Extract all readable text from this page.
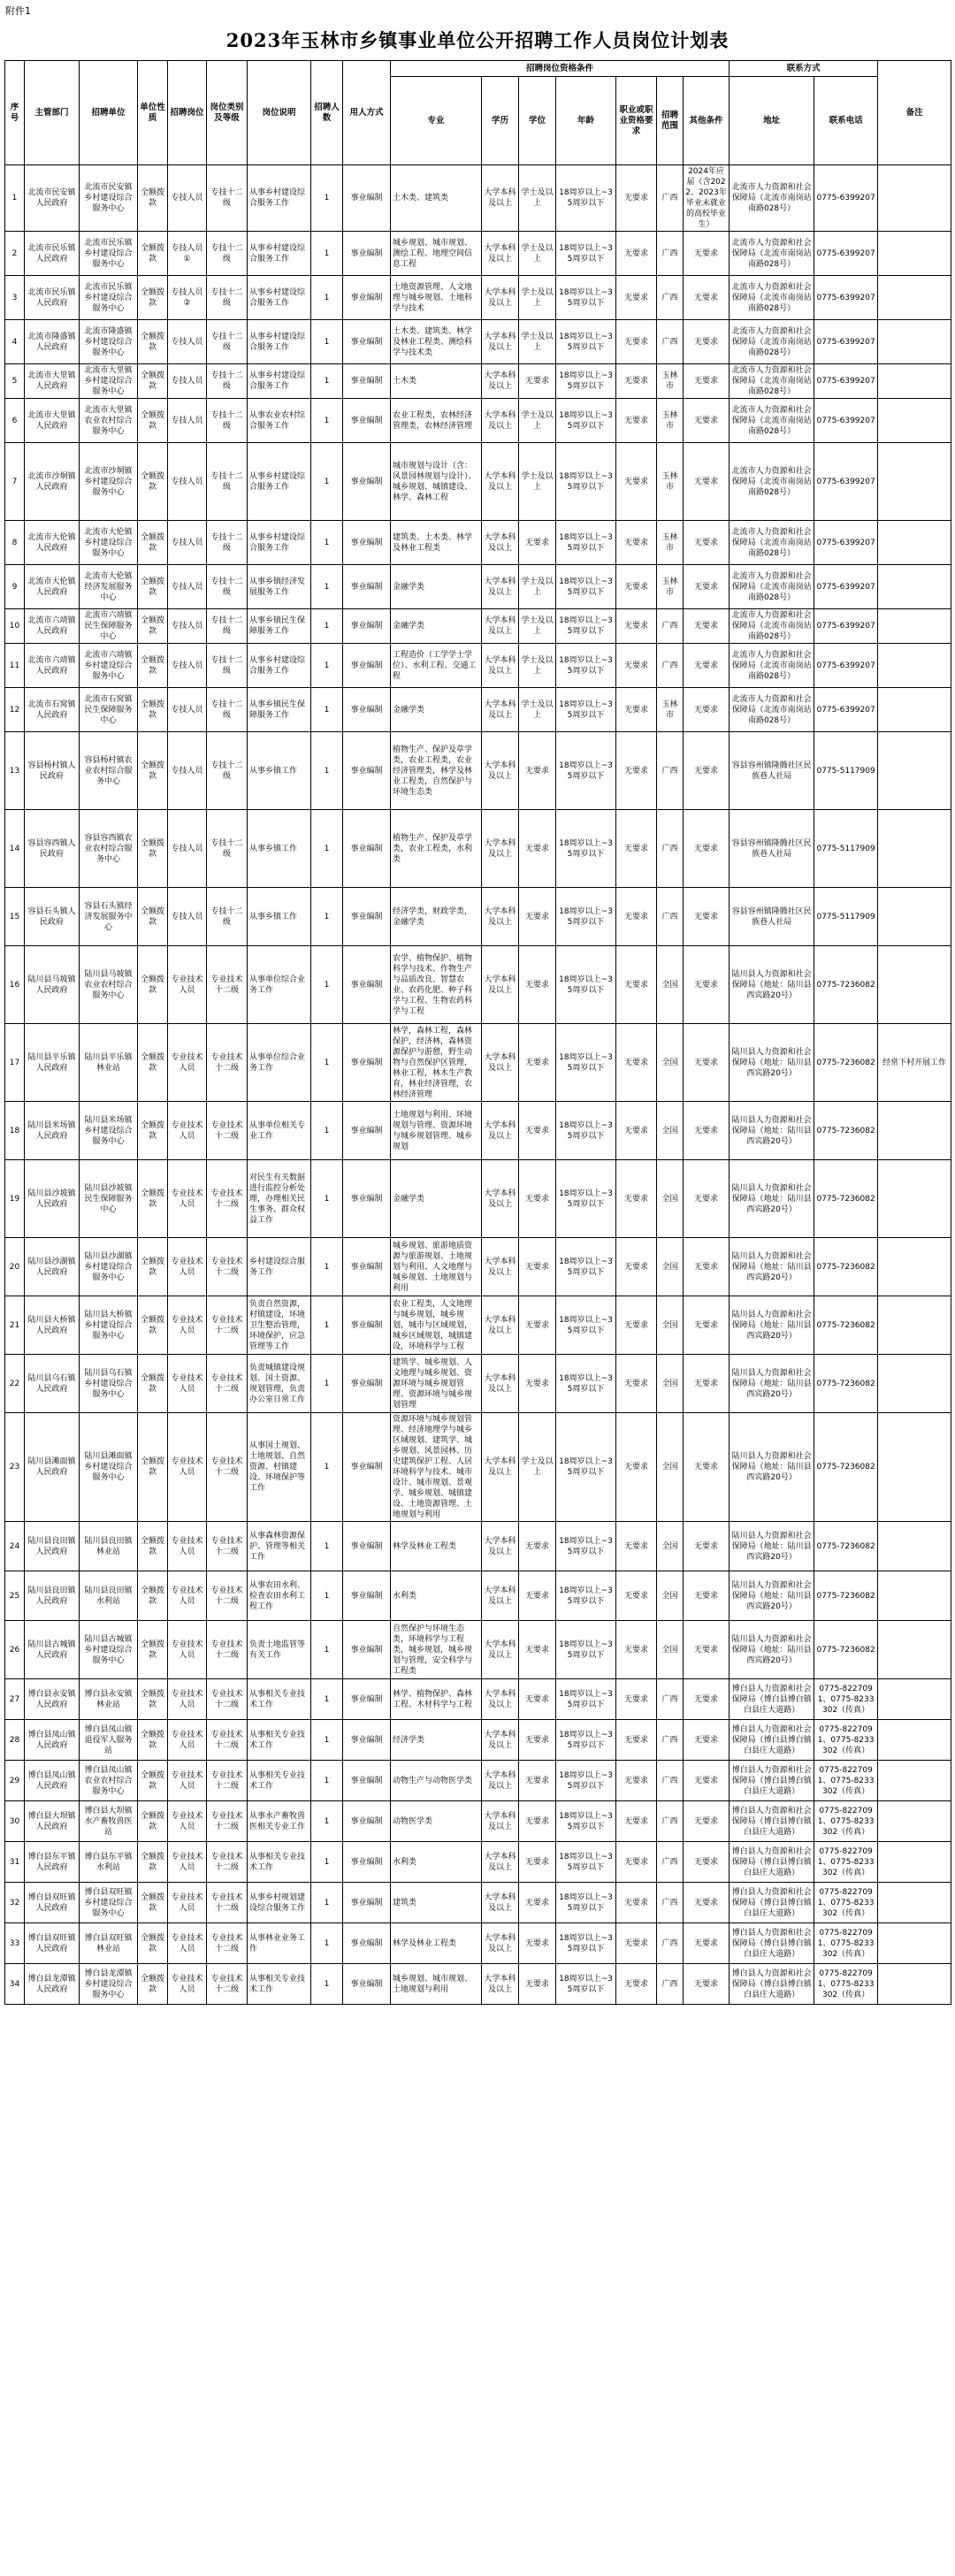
附件1
2023年玉林市乡镇事业单位公开招聘工作人员岗位计划表
序号	主管部门	招聘单位	单位性质	招聘岗位	岗位类别及等级	岗位说明	招聘人数	用人方式	招聘岗位资格条件							联系方式		备注
									专业	学历	学位	年龄	职业或职业资格要求	招聘范围	其他条件	地址	联系电话	
1	北流市民安镇人民政府	北流市民安镇乡村建设综合服务中心	全额拨款	专技人员	专技十二级	从事乡村建设综合服务工作	1	事业编制	土木类、建筑类	大学本科及以上	学士及以上	18周岁以上~35周岁以下	无要求	广西	2024年应届（含2022、2023年毕业未就业的高校毕业生）	北流市人力资源和社会保障局（北流市南岗站南路028号）	0775-6399207	
2	北流市民乐镇人民政府	北流市民乐镇乡村建设综合服务中心	全额拨款	专技人员①	专技十二级	从事乡村建设综合服务工作	1	事业编制	城乡规划、城市规划、测绘工程、地理空间信息工程	大学本科及以上	学士及以上	18周岁以上~35周岁以下	无要求	广西	无要求	北流市人力资源和社会保障局（北流市南岗站南路028号）	0775-6399207	
3	北流市民乐镇人民政府	北流市民乐镇乡村建设综合服务中心	全额拨款	专技人员②	专技十二级	从事乡村建设综合服务工作	1	事业编制	土地资源管理、人文地理与城乡规划、土地科学与技术	大学本科及以上	学士及以上	18周岁以上~35周岁以下	无要求	广西	无要求	北流市人力资源和社会保障局（北流市南岗站南路028号）	0775-6399207	
4	北流市隆盛镇人民政府	北流市隆盛镇乡村建设综合服务中心	全额拨款	专技人员	专技十二级	从事乡村建设综合服务工作	1	事业编制	土木类、建筑类、林学及林业工程类、测绘科学与技术类	大学本科及以上	学士及以上	18周岁以上~35周岁以下	无要求	广西	无要求	北流市人力资源和社会保障局（北流市南岗站南路028号）	0775-6399207	
5	北流市大里镇人民政府	北流市大里镇乡村建设综合服务中心	全额拨款	专技人员	专技十二级	从事乡村建设综合服务工作	1	事业编制	土木类	大学本科及以上	无要求	18周岁以上~35周岁以下	无要求	玉林市	无要求	北流市人力资源和社会保障局（北流市南岗站南路028号）	0775-6399207	
6	北流市大里镇人民政府	北流市大里镇农业农村综合服务中心	全额拨款	专技人员	专技十二级	从事农业农村综合服务工作	1	事业编制	农业工程类，农林经济管理类，农林经济管理	大学本科及以上	学士及以上	18周岁以上~35周岁以下	无要求	玉林市	无要求	北流市人力资源和社会保障局（北流市南岗站南路028号）	0775-6399207	
7	北流市沙垌镇人民政府	北流市沙垌镇乡村建设综合服务中心	全额拨款	专技人员	专技十二级	从事乡村建设综合服务工作	1	事业编制	城市规划与设计（含：风景园林规划与设计）、城乡规划、城镇建设、林学、森林工程	大学本科及以上	学士及以上	18周岁以上~35周岁以下	无要求	玉林市	无要求	北流市人力资源和社会保障局（北流市南岗站南路028号）	0775-6399207	
8	北流市大伦镇人民政府	北流市大伦镇乡村建设综合服务中心	全额拨款	专技人员	专技十二级	从事乡村建设综合服务工作	1	事业编制	建筑类、土木类、林学及林业工程类	大学本科及以上	无要求	18周岁以上~35周岁以下	无要求	玉林市	无要求	北流市人力资源和社会保障局（北流市南岗站南路028号）	0775-6399207	
9	北流市大伦镇人民政府	北流市大伦镇经济发展服务中心	全额拨款	专技人员	专技十二级	从事乡镇经济发展服务工作	1	事业编制	金融学类	大学本科及以上	学士及以上	18周岁以上~35周岁以下	无要求	玉林市	无要求	北流市人力资源和社会保障局（北流市南岗站南路028号）	0775-6399207	
10	北流市六靖镇人民政府	北流市六靖镇民生保障服务中心	全额拨款	专技人员	专技十二级	从事乡镇民生保障服务工作	1	事业编制	金融学类	大学本科及以上	学士及以上	18周岁以上~35周岁以下	无要求	广西	无要求	北流市人力资源和社会保障局（北流市南岗站南路028号）	0775-6399207	
11	北流市六靖镇人民政府	北流市六靖镇乡村建设综合服务中心	全额拨款	专技人员	专技十二级	从事乡村建设综合服务工作	1	事业编制	工程造价（工学学士学位）、水利工程、交通工程	大学本科及以上	学士及以上	18周岁以上~35周岁以下	无要求	广西	无要求	北流市人力资源和社会保障局（北流市南岗站南路028号）	0775-6399207	
12	北流市石窝镇人民政府	北流市石窝镇民生保障服务中心	全额拨款	专技人员	专技十二级	从事乡镇民生保障服务工作	1	事业编制	金融学类	大学本科及以上	学士及以上	18周岁以上~35周岁以下	无要求	玉林市	无要求	北流市人力资源和社会保障局（北流市南岗站南路028号）	0775-6399207	
13	容县杨村镇人民政府	容县杨村镇农业农村综合服务中心	全额拨款	专技人员	专技十二级	从事乡镇工作	1	事业编制	植物生产、保护及草学类，农业工程类，农业经济管理类，林学及林业工程类，自然保护与环境生态类	大学本科及以上	无要求	18周岁以上~35周岁以下	无要求	广西	无要求	容县容州镇隆腾社区民族巷人社局	0775-5117909	
14	容县容西镇人民政府	容县容西镇农业农村综合服务中心	全额拨款	专技人员	专技十二级	从事乡镇工作	1	事业编制	植物生产、保护及草学类，农业工程类，水利类	大学本科及以上	无要求	18周岁以上~35周岁以下	无要求	广西	无要求	容县容州镇隆腾社区民族巷人社局	0775-5117909	
15	容县石头镇人民政府	容县石头镇经济发展服务中心	全额拨款	专技人员	专技十二级	从事乡镇工作	1	事业编制	经济学类，财政学类，金融学类	大学本科及以上	无要求	18周岁以上~35周岁以下	无要求	广西	无要求	容县容州镇隆腾社区民族巷人社局	0775-5117909	
16	陆川县马坡镇人民政府	陆川县马坡镇农业农村综合服务中心	全额拨款	专业技术人员	专业技术十二级	从事单位综合业务工作	1	事业编制	农学、植物保护、植物科学与技术、作物生产与品质改良、智慧农业、农药化肥、种子科学与工程、生物农药科学与工程	大学本科及以上	无要求	18周岁以上~35周岁以下	无要求	全国	无要求	陆川县人力资源和社会保障局（地址：陆川县西宾路20号）	0775-7236082	
17	陆川县平乐镇人民政府	陆川县平乐镇林业站	全额拨款	专业技术人员	专业技术十二级	从事单位综合业务工作	1	事业编制	林学，森林工程，森林保护，经济林，森林资源保护与游憩，野生动物与自然保护区管理，林业工程，林木生产教育，林业经济管理，农林经济管理	大学本科及以上	无要求	18周岁以上~35周岁以下	无要求	全国	无要求	陆川县人力资源和社会保障局（地址：陆川县西宾路20号）	0775-7236082	经常下村开展工作
18	陆川县米场镇人民政府	陆川县米场镇乡村建设综合服务中心	全额拨款	专业技术人员	专业技术十二级	从事单位相关专业工作	1	事业编制	土地规划与利用、环境规划与管理、资源环境与城乡规划管理、城乡规划	大学本科及以上	无要求	18周岁以上~35周岁以下	无要求	全国	无要求	陆川县人力资源和社会保障局（地址：陆川县西宾路20号）	0775-7236082	
19	陆川县沙坡镇人民政府	陆川县沙坡镇民生保障服务中心	全额拨款	专业技术人员	专业技术十二级	对民生有关数据进行监控分析处理，办理相关民生事务、群众权益工作	1	事业编制	金融学类	大学本科及以上	无要求	18周岁以上~35周岁以下	无要求	全国	无要求	陆川县人力资源和社会保障局（地址：陆川县西宾路20号）	0775-7236082	
20	陆川县沙湖镇人民政府	陆川县沙湖镇乡村建设综合服务中心	全额拨款	专业技术人员	专业技术十二级	乡村建设综合服务工作	1	事业编制	城乡规划、旅游地质资源与旅游规划、土地规划与利用、人文地理与城乡规划、土地规划与利用	大学本科及以上	无要求	18周岁以上~35周岁以下	无要求	全国	无要求	陆川县人力资源和社会保障局（地址：陆川县西宾路20号）	0775-7236082	
21	陆川县大桥镇人民政府	陆川县大桥镇乡村建设综合服务中心	全额拨款	专业技术人员	专业技术十二级	负责自然资源，村镇建设，环境卫生整治管理，环境保护，应急管理等工作	1	事业编制	农业工程类，人文地理与城乡规划，城乡规划，城市与区域规划，城乡区域规划，城镇建设，环境科学与工程	大学本科及以上	无要求	18周岁以上~35周岁以下	无要求	全国	无要求	陆川县人力资源和社会保障局（地址：陆川县西宾路20号）	0775-7236082	
22	陆川县乌石镇人民政府	陆川县乌石镇乡村建设综合服务中心	全额拨款	专业技术人员	专业技术十二级	负责城镇建设规划、国土资源、规划管理，负责办公室日常工作	1	事业编制	建筑学、城乡规划、人文地理与城乡规划、资源环境与城乡规划管理、资源环境与城乡规划管理	大学本科及以上	无要求	18周岁以上~35周岁以下	无要求	全国	无要求	陆川县人力资源和社会保障局（地址：陆川县西宾路20号）	0775-7236082	
23	陆川县滩面镇人民政府	陆川县滩面镇乡村建设综合服务中心	全额拨款	专业技术人员	专业技术十二级	从事国土规划、土地规划、自然资源、村镇建设、环境保护等工作	1	事业编制	资源环境与城乡规划管理、经济地理学与城乡区域规划、建筑学、城乡规划、风景园林、历史建筑保护工程、人居环境科学与技术、城市设计、城市规划、景观学、城乡规划、城镇建设、土地资源管理、土地规划与利用	大学本科及以上	学士及以上	18周岁以上~35周岁以下	无要求	全国	无要求	陆川县人力资源和社会保障局（地址：陆川县西宾路20号）	0775-7236082	
24	陆川县良田镇人民政府	陆川县良田镇林业站	全额拨款	专业技术人员	专业技术十二级	从事森林资源保护、管理等相关工作	1	事业编制	林学及林业工程类	大学本科及以上	无要求	18周岁以上~35周岁以下	无要求	全国	无要求	陆川县人力资源和社会保障局（地址：陆川县西宾路20号）	0775-7236082	
25	陆川县良田镇人民政府	陆川县良田镇水利站	全额拨款	专业技术人员	专业技术十二级	从事农田水利、检查农田水利工程工作	1	事业编制	水利类	大学本科及以上	无要求	18周岁以上~35周岁以下	无要求	全国	无要求	陆川县人力资源和社会保障局（地址：陆川县西宾路20号）	0775-7236082	
26	陆川县古城镇人民政府	陆川县古城镇乡村建设综合服务中心	全额拨款	专业技术人员	专业技术十二级	负责土地监管等有关工作	1	事业编制	自然保护与环境生态类，环境科学与工程类，城乡规划，城乡规划与管理，安全科学与工程类	大学本科及以上	无要求	18周岁以上~35周岁以下	无要求	全国	无要求	陆川县人力资源和社会保障局（地址：陆川县西宾路20号）	0775-7236082	
27	博白县永安镇人民政府	博白县永安镇林业站	全额拨款	专业技术人员	专业技术十二级	从事相关专业技术工作	1	事业编制	林学、植物保护、森林工程、木材科学与工程	大学本科及以上	无要求	18周岁以上~35周岁以下	无要求	广西	无要求	博白县人力资源和社会保障局（博白县博白镇白县庄大道路）	0775-8227091、0775-8233302（传真）	
28	博白县凤山镇人民政府	博白县凤山镇退役军人服务站	全额拨款	专业技术人员	专业技术十二级	从事相关专业技术工作	1	事业编制	经济学类	大学本科及以上	无要求	18周岁以上~35周岁以下	无要求	广西	无要求	博白县人力资源和社会保障局（博白县博白镇白县庄大道路）	0775-8227091、0775-8233302（传真）	
29	博白县凤山镇人民政府	博白县凤山镇农业农村综合服务中心	全额拨款	专业技术人员	专业技术十二级	从事相关专业技术工作	1	事业编制	动物生产与动物医学类	大学本科及以上	无要求	18周岁以上~35周岁以下	无要求	广西	无要求	博白县人力资源和社会保障局（博白县博白镇白县庄大道路）	0775-8227091、0775-8233302（传真）	
30	博白县大坝镇人民政府	博白县大坝镇水产畜牧兽医站	全额拨款	专业技术人员	专业技术十二级	从事水产畜牧兽医相关专业工作	1	事业编制	动物医学类	大学本科及以上	无要求	18周岁以上~35周岁以下	无要求	广西	无要求	博白县人力资源和社会保障局（博白县博白镇白县庄大道路）	0775-8227091、0775-8233302（传真）	
31	博白县东平镇人民政府	博白县东平镇水利站	全额拨款	专业技术人员	专业技术十二级	从事相关专业技术工作	1	事业编制	水利类	大学本科及以上	无要求	18周岁以上~35周岁以下	无要求	广西	无要求	博白县人力资源和社会保障局（博白县博白镇白县庄大道路）	0775-8227091、0775-8233302（传真）	
32	博白县双旺镇人民政府	博白县双旺镇乡村建设综合服务中心	全额拨款	专业技术人员	专业技术十二级	从事乡村规划建设综合服务工作	1	事业编制	建筑类	大学本科及以上	无要求	18周岁以上~35周岁以下	无要求	广西	无要求	博白县人力资源和社会保障局（博白县博白镇白县庄大道路）	0775-8227091、0775-8233302（传真）	
33	博白县双旺镇人民政府	博白县双旺镇林业站	全额拨款	专业技术人员	专业技术十二级	从事林业业务工作	1	事业编制	林学及林业工程类	大学本科及以上	无要求	18周岁以上~35周岁以下	无要求	广西	无要求	博白县人力资源和社会保障局（博白县博白镇白县庄大道路）	0775-8227091、0775-8233302（传真）	
34	博白县龙潭镇人民政府	博白县龙潭镇乡村建设综合服务中心	全额拨款	专业技术人员	专业技术十二级	从事相关专业技术工作	1	事业编制	城乡规划、城市规划、土地规划与利用	大学本科及以上	无要求	18周岁以上~35周岁以下	无要求	广西	无要求	博白县人力资源和社会保障局（博白县博白镇白县庄大道路）	0775-8227091、0775-8233302（传真）	
